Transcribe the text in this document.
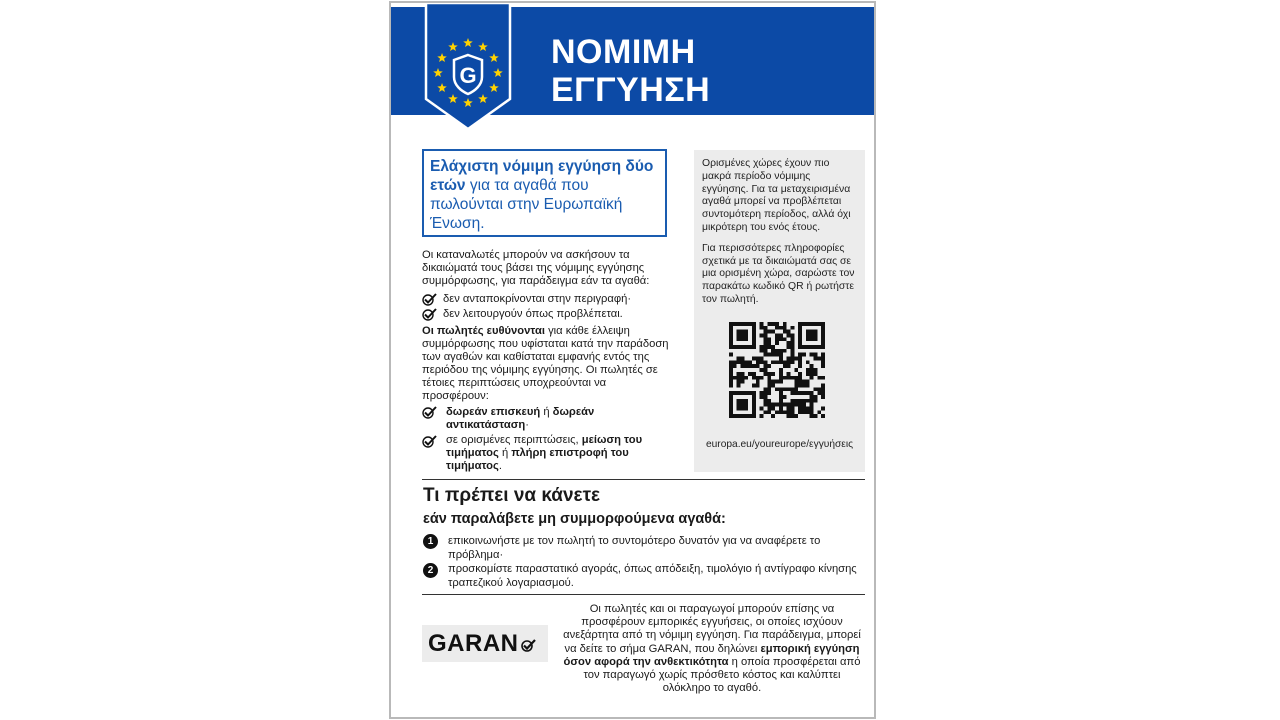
G
ΝΟΜΙΜΗ
ΕΓΓΥΗΣΗ
Ελάχιστη νόμιμη εγγύηση δύο ετών για τα αγαθά που πωλούνται στην Ευρωπαϊκή Ένωση.
Οι καταναλωτές μπορούν να ασκήσουν τα δικαιώματά τους βάσει της νόμιμης εγγύησης συμμόρφωσης, για παράδειγμα εάν τα αγαθά:
δεν ανταποκρίνονται στην περιγραφή·
δεν λειτουργούν όπως προβλέπεται.
Οι πωλητές ευθύνονται για κάθε έλλειψη συμμόρφωσης που υφίσταται κατά την παράδοση των αγαθών και καθίσταται εμφανής εντός της περιόδου της νόμιμης εγγύησης. Οι πωλητές σε τέτοιες περιπτώσεις υποχρεούνται να προσφέρουν:
δωρεάν επισκευή ή δωρεάν αντικατάσταση·
σε ορισμένες περιπτώσεις, μείωση του τιμήματος ή πλήρη επιστροφή του τιμήματος.

Ορισμένες χώρες έχουν πιο μακρά περίοδο νόμιμης εγγύησης. Για τα μεταχειρισμένα αγαθά μπορεί να προβλέπεται συντομότερη περίοδος, αλλά όχι μικρότερη του ενός έτους.

Για περισσότερες πληροφορίες σχετικά με τα δικαιώματά σας σε μια ορισμένη χώρα, σαρώστε τον παρακάτω κωδικό QR ή ρωτήστε τον πωλητή.

europa.eu/youreurope/εγγυήσεις
Τι πρέπει να κάνετε
εάν παραλάβετε μη συμμορφούμενα αγαθά:
1	επικοινωνήστε με τον πωλητή το συντομότερο δυνατόν για να αναφέρετε το πρόβλημα·
2	προσκομίστε παραστατικό αγοράς, όπως απόδειξη, τιμολόγιο ή αντίγραφο κίνησης τραπεζικού λογαριασμού.
GARAN
Οι πωλητές και οι παραγωγοί μπορούν επίσης να προσφέρουν εμπορικές εγγυήσεις, οι οποίες ισχύουν ανεξάρτητα από τη νόμιμη εγγύηση. Για παράδειγμα, μπορεί να δείτε το σήμα GARAN, που δηλώνει εμπορική εγγύηση όσον αφορά την ανθεκτικότητα η οποία προσφέρεται από τον παραγωγό χωρίς πρόσθετο κόστος και καλύπτει ολόκληρο το αγαθό.
